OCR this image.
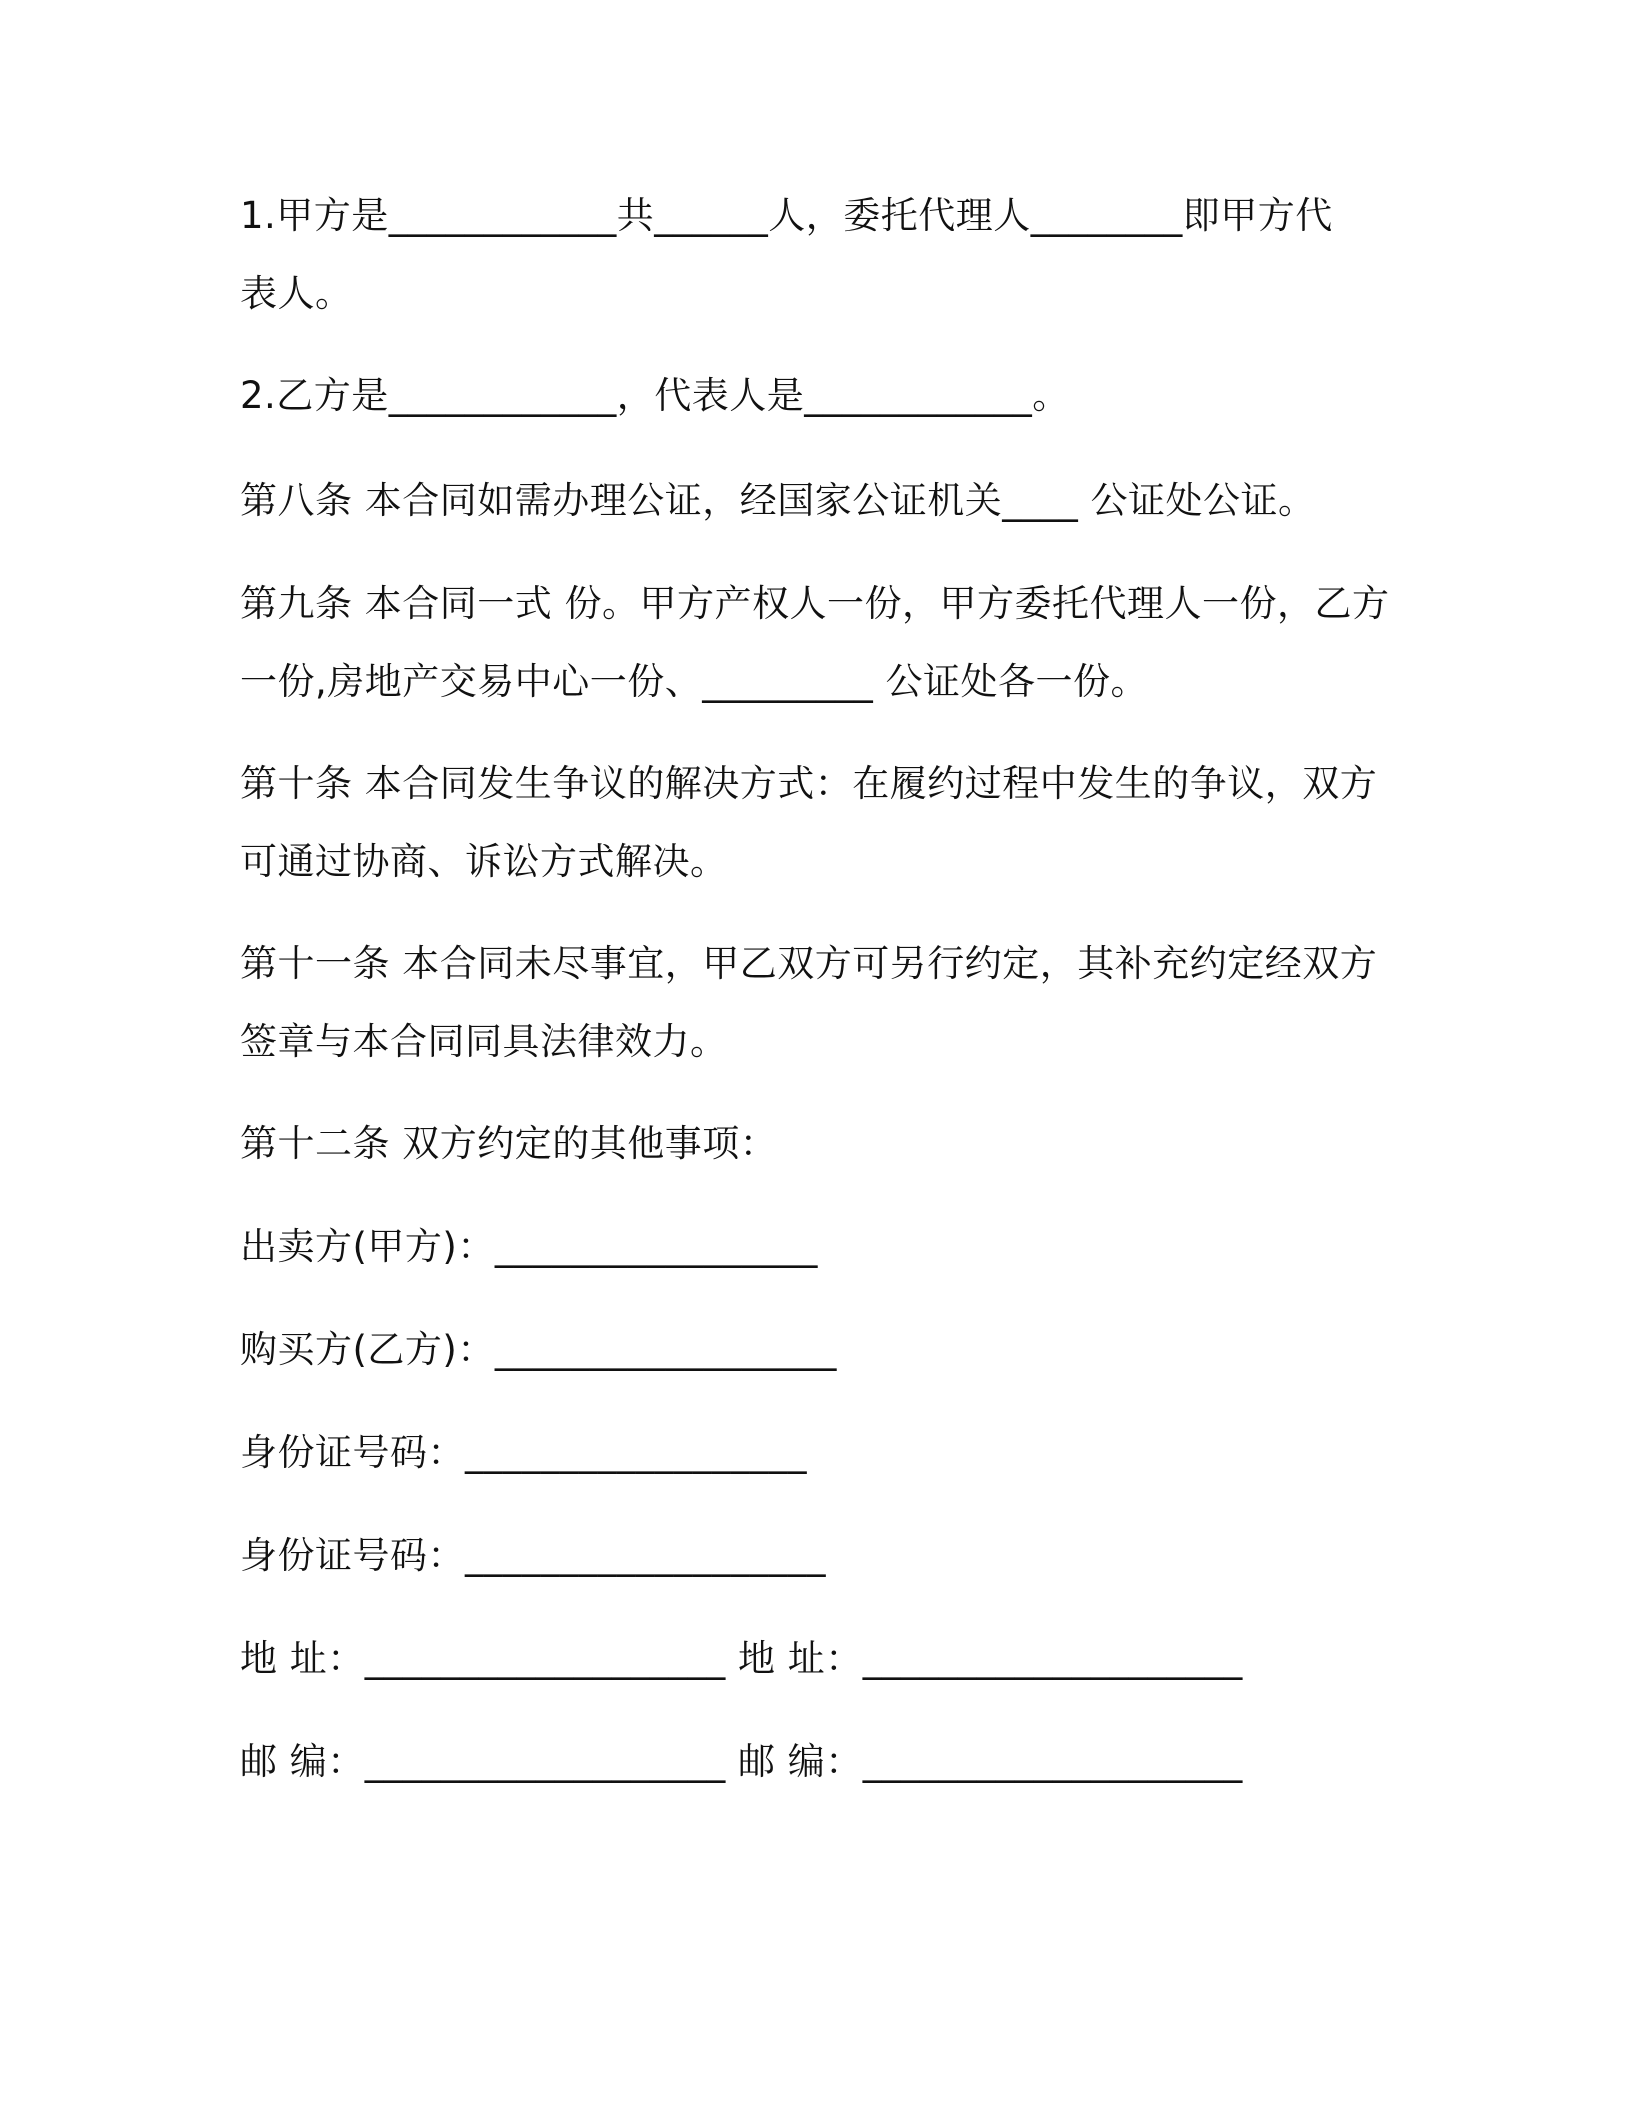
1.甲方是____________共______人，委托代理人________即甲方代
表人。
2.乙方是____________，代表人是____________。
第八条 本合同如需办理公证，经国家公证机关____ 公证处公证。
第九条 本合同一式 份。甲方产权人一份，甲方委托代理人一份，乙方
一份,房地产交易中心一份、_________ 公证处各一份。
第十条 本合同发生争议的解决方式：在履约过程中发生的争议，双方
可通过协商、诉讼方式解决。
第十一条 本合同未尽事宜，甲乙双方可另行约定，其补充约定经双方
签章与本合同同具法律效力。
第十二条 双方约定的其他事项：
出卖方(甲方)：_________________
购买方(乙方)：__________________
身份证号码：__________________
身份证号码：___________________
地 址：___________________ 地 址：____________________
邮 编：___________________ 邮 编：____________________
